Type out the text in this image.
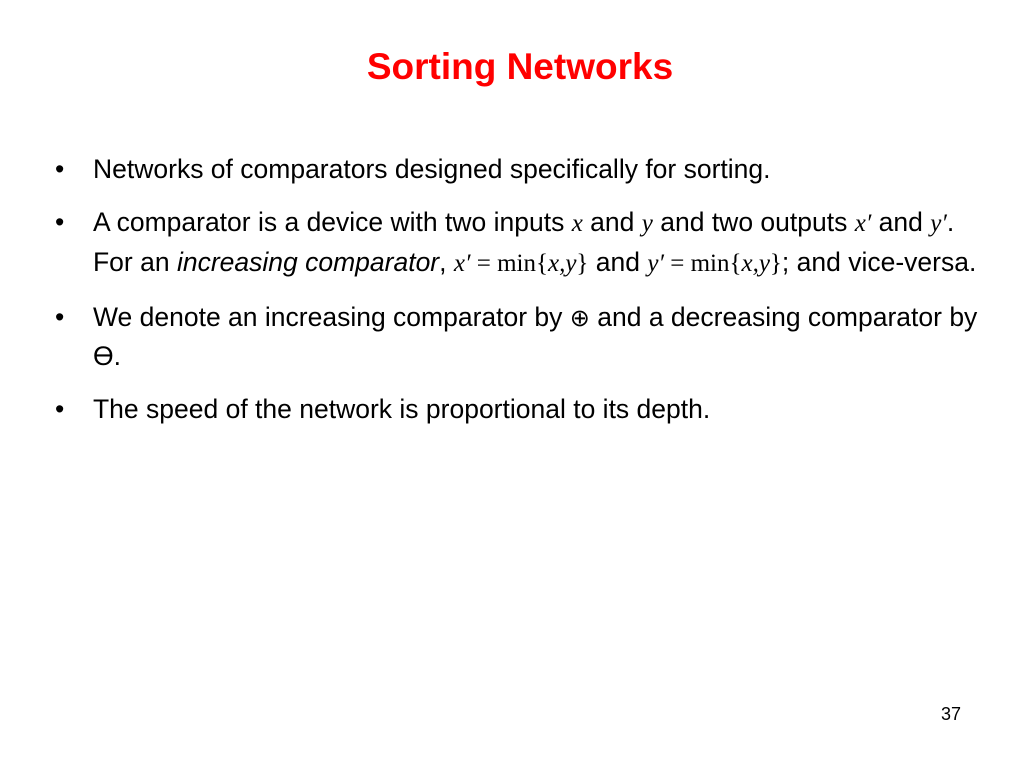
Sorting Networks
•	Networks of comparators designed specifically for sorting.
•	A comparator is a device with two inputs x and y and two outputs x′ and y′. For an increasing comparator, x′ = min{x,y} and y′ = min{x,y}; and vice-versa.
•	We denote an increasing comparator by ⊕ and a decreasing comparator by Ө.
•	The speed of the network is proportional to its depth.
37
